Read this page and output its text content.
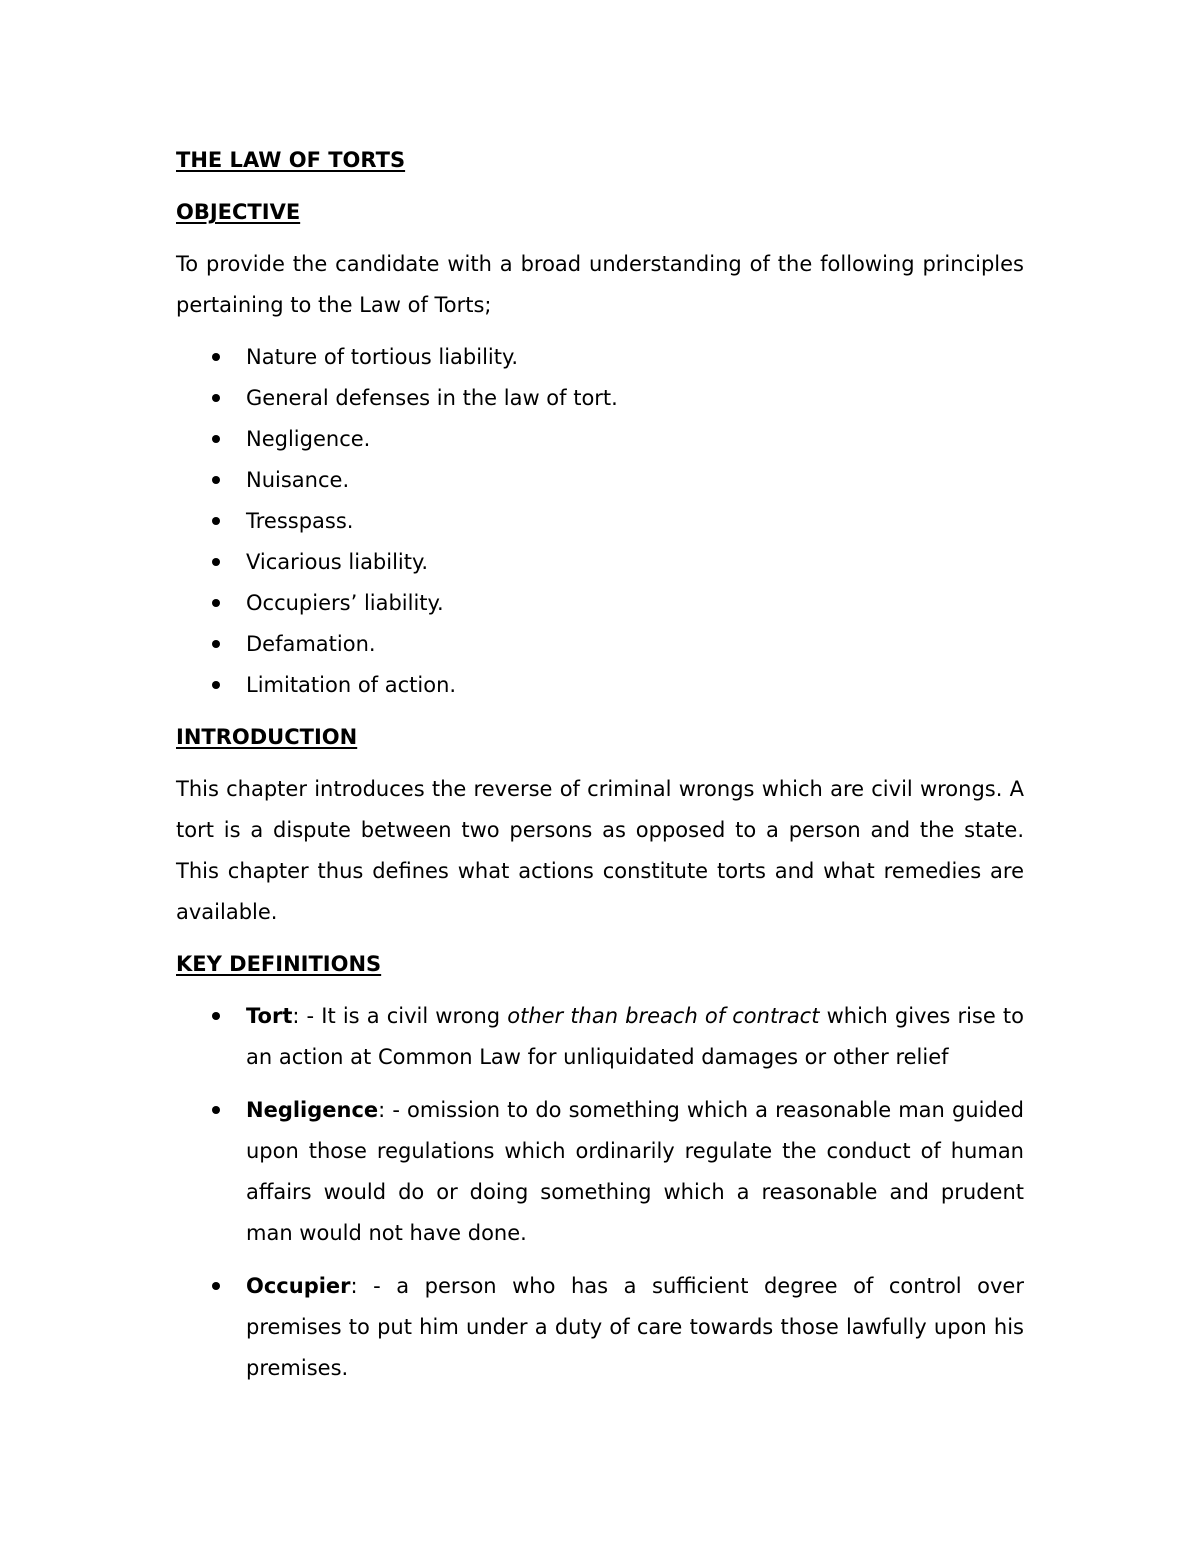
THE LAW OF TORTS
OBJECTIVE

To provide the candidate with a broad understanding of the following principles pertaining to the Law of Torts;

Nature of tortious liability.
General defenses in the law of tort.
Negligence.
Nuisance.
Tresspass.
Vicarious liability.
Occupiers’ liability.
Defamation.
Limitation of action.
INTRODUCTION

This chapter introduces the reverse of criminal wrongs which are civil wrongs. A tort is a dispute between two persons as opposed to a person and the state. This chapter thus defines what actions constitute torts and what remedies are available.

KEY DEFINITIONS
Tort: - It is a civil wrong other than breach of contract which gives rise to an action at Common Law for unliquidated damages or other relief
Negligence: - omission to do something which a reasonable man guided upon those regulations which ordinarily regulate the conduct of human affairs would do or doing something which a reasonable and prudent man would not have done.
Occupier: - a person who has a sufficient degree of control over premises to put him under a duty of care towards those lawfully upon his premises.
